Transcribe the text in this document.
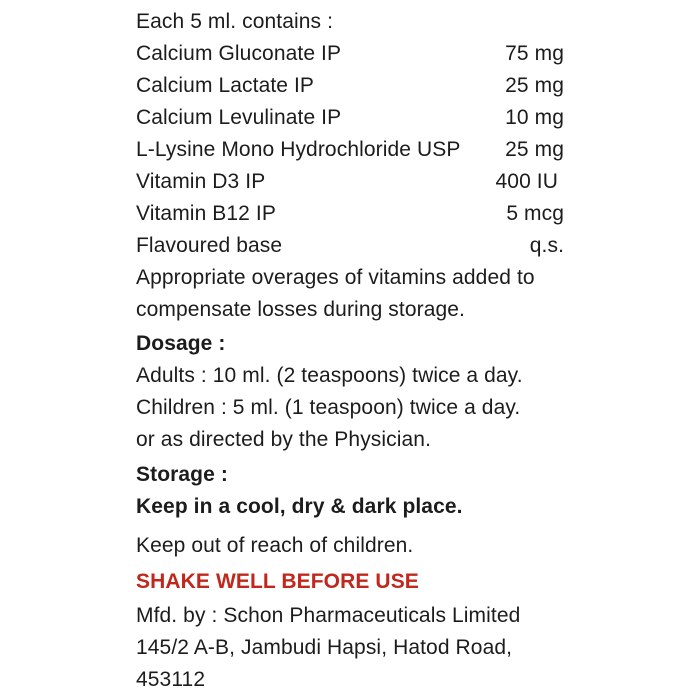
Each 5 ml. contains :
Calcium Gluconate IP	75 mg
Calcium Lactate IP	25 mg
Calcium Levulinate IP	10 mg
L-Lysine Mono Hydrochloride USP 25 mg
Vitamin D3 IP	400 IU
Vitamin B12 IP	5 mcg
Flavoured base	q.s.
Appropriate overages of vitamins added to
compensate losses during storage.
Dosage :
Adults : 10 ml. (2 teaspoons) twice a day.
Children : 5 ml. (1 teaspoon) twice a day.
or as directed by the Physician.
Storage :
Keep in a cool, dry & dark place.
Keep out of reach of children.
SHAKE WELL BEFORE USE
Mfd. by : Schon Pharmaceuticals Limited
145/2 A-B, Jambudi Hapsi, Hatod Road,
453112
